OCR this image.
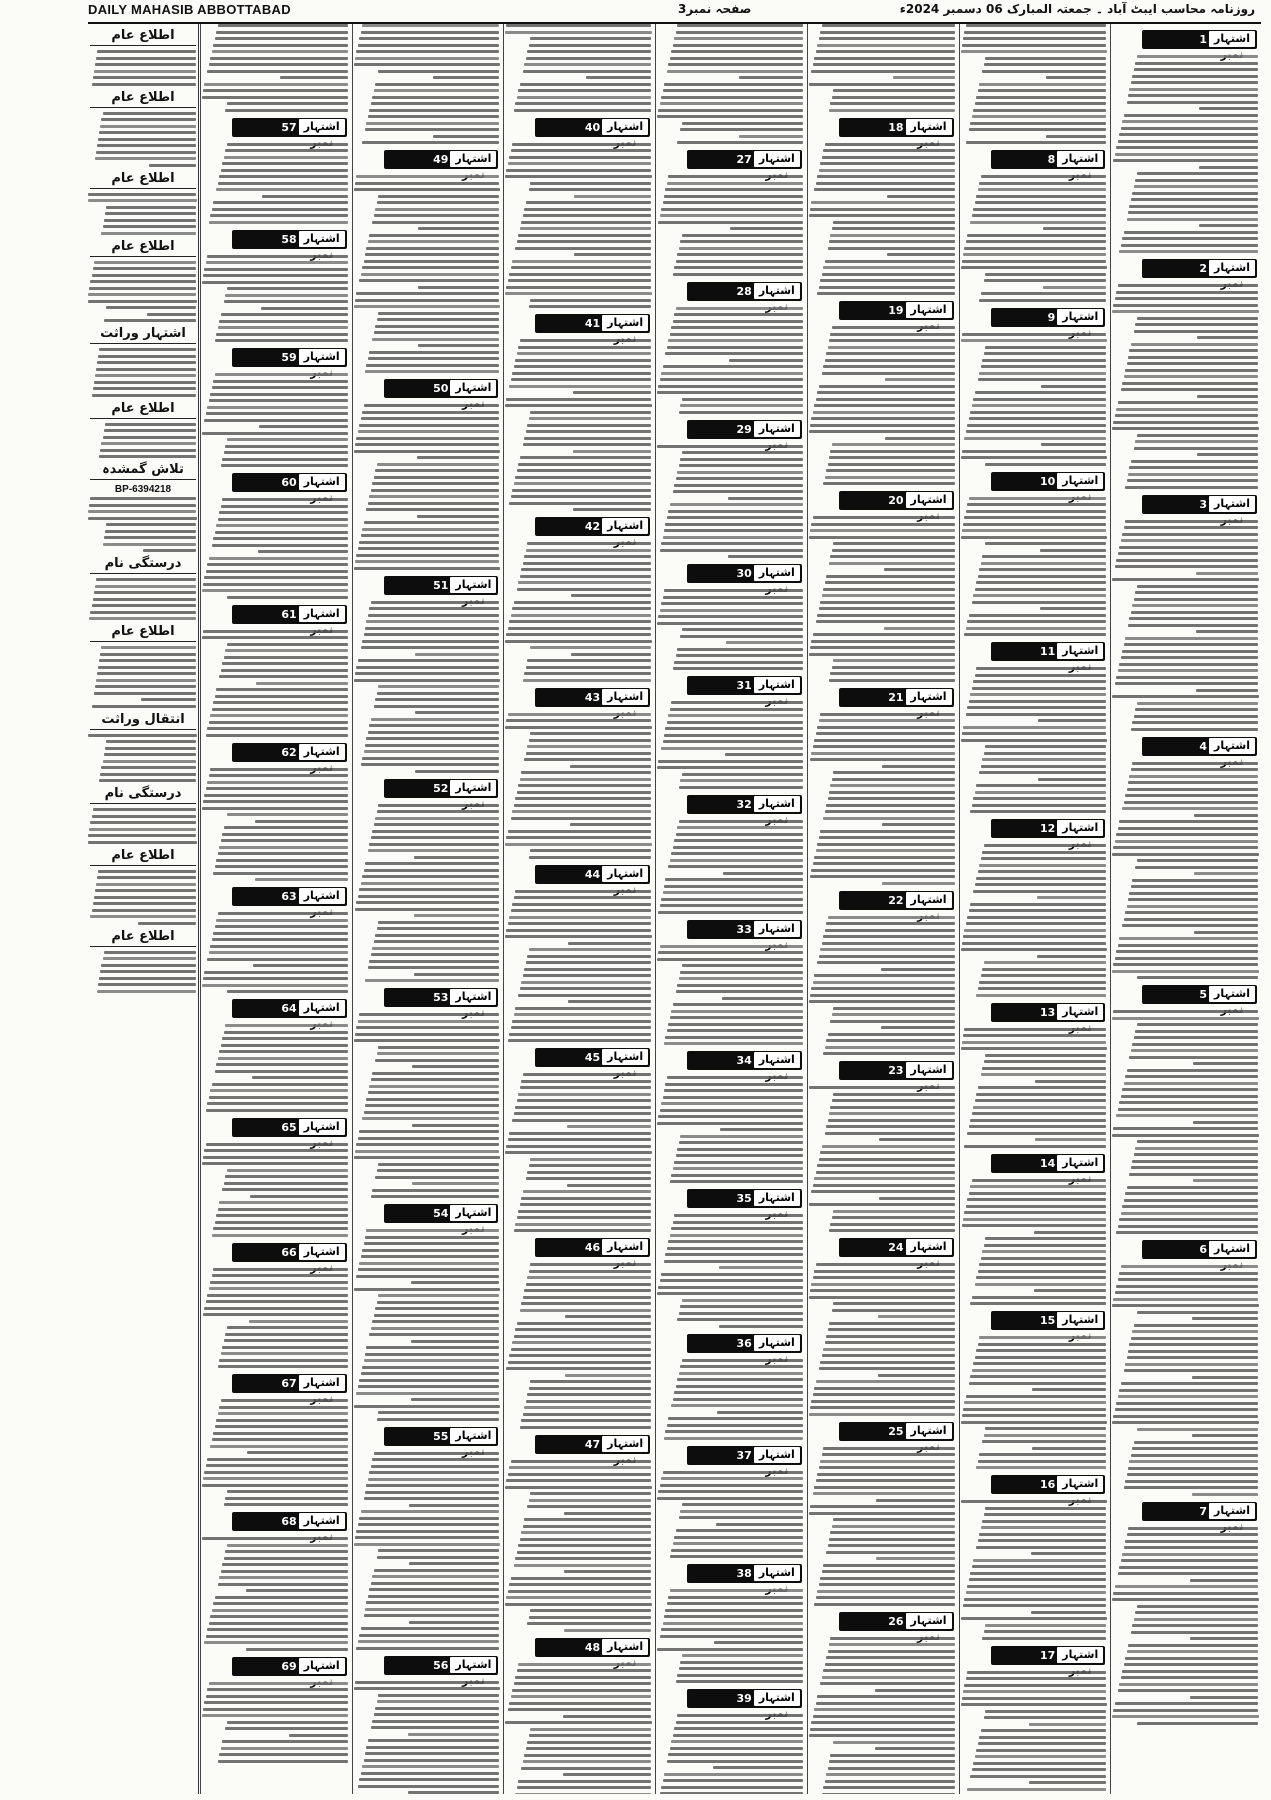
DAILY MAHASIB ABBOTTABAD	صفحہ نمبر3	روزنامہ محاسب ایبٹ آباد ۔ جمعتہ المبارک 06 دسمبر 2024ء
اطلاع عام
اطلاع عام
اطلاع عام
اطلاع عام
اشتہار وراثت
اطلاع عام
تلاش گمشدہ
BP-6394218
درستگی نام
اطلاع عام
انتقال وراثت
درستگی نام
اطلاع عام
اطلاع عام
اشتہار
1
اشتہار
2
اشتہار
3
اشتہار
4
اشتہار
5
اشتہار
6
اشتہار
7
اشتہار
8
اشتہار
9
اشتہار
10
اشتہار
11
اشتہار
12
اشتہار
13
اشتہار
14
اشتہار
15
اشتہار
16
اشتہار
17
اشتہار
18
اشتہار
19
اشتہار
20
اشتہار
21
اشتہار
22
اشتہار
23
اشتہار
24
اشتہار
25
اشتہار
26
اشتہار
27
اشتہار
28
اشتہار
29
اشتہار
30
اشتہار
31
اشتہار
32
اشتہار
33
اشتہار
34
اشتہار
35
اشتہار
36
اشتہار
37
اشتہار
38
اشتہار
39
اشتہار
40
اشتہار
41
اشتہار
42
اشتہار
43
اشتہار
44
اشتہار
45
اشتہار
46
اشتہار
47
اشتہار
48
اشتہار
49
اشتہار
50
اشتہار
51
اشتہار
52
اشتہار
53
اشتہار
54
اشتہار
55
اشتہار
56
اشتہار
57
اشتہار
58
اشتہار
59
اشتہار
60
اشتہار
61
اشتہار
62
اشتہار
63
اشتہار
64
اشتہار
65
اشتہار
66
اشتہار
67
اشتہار
68
اشتہار
69
